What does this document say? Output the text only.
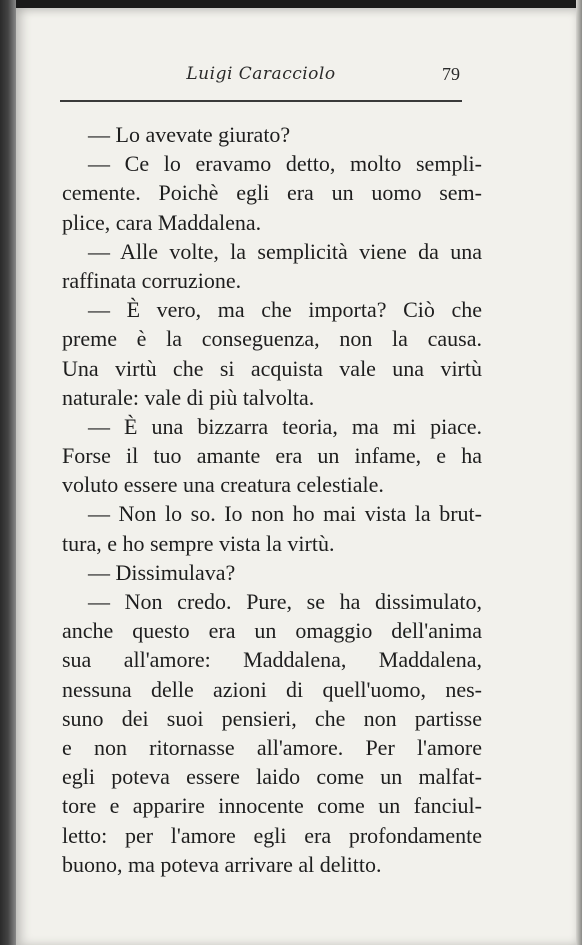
Luigi Caracciolo	79
— Lo avevate giurato?
— Ce lo eravamo detto, molto sempli-
cemente. Poichè egli era un uomo sem-
plice, cara Maddalena.
— Alle volte, la semplicità viene da una
raffinata corruzione.
— È vero, ma che importa? Ciò che
preme è la conseguenza, non la causa.
Una virtù che si acquista vale una virtù
naturale: vale di più talvolta.
— È una bizzarra teoria, ma mi piace.
Forse il tuo amante era un infame, e ha
voluto essere una creatura celestiale.
— Non lo so. Io non ho mai vista la brut-
tura, e ho sempre vista la virtù.
— Dissimulava?
— Non credo. Pure, se ha dissimulato,
anche questo era un omaggio dell'anima
sua all'amore: Maddalena, Maddalena,
nessuna delle azioni di quell'uomo, nes-
suno dei suoi pensieri, che non partisse
e non ritornasse all'amore. Per l'amore
egli poteva essere laido come un malfat-
tore e apparire innocente come un fanciul-
letto: per l'amore egli era profondamente
buono, ma poteva arrivare al delitto.
